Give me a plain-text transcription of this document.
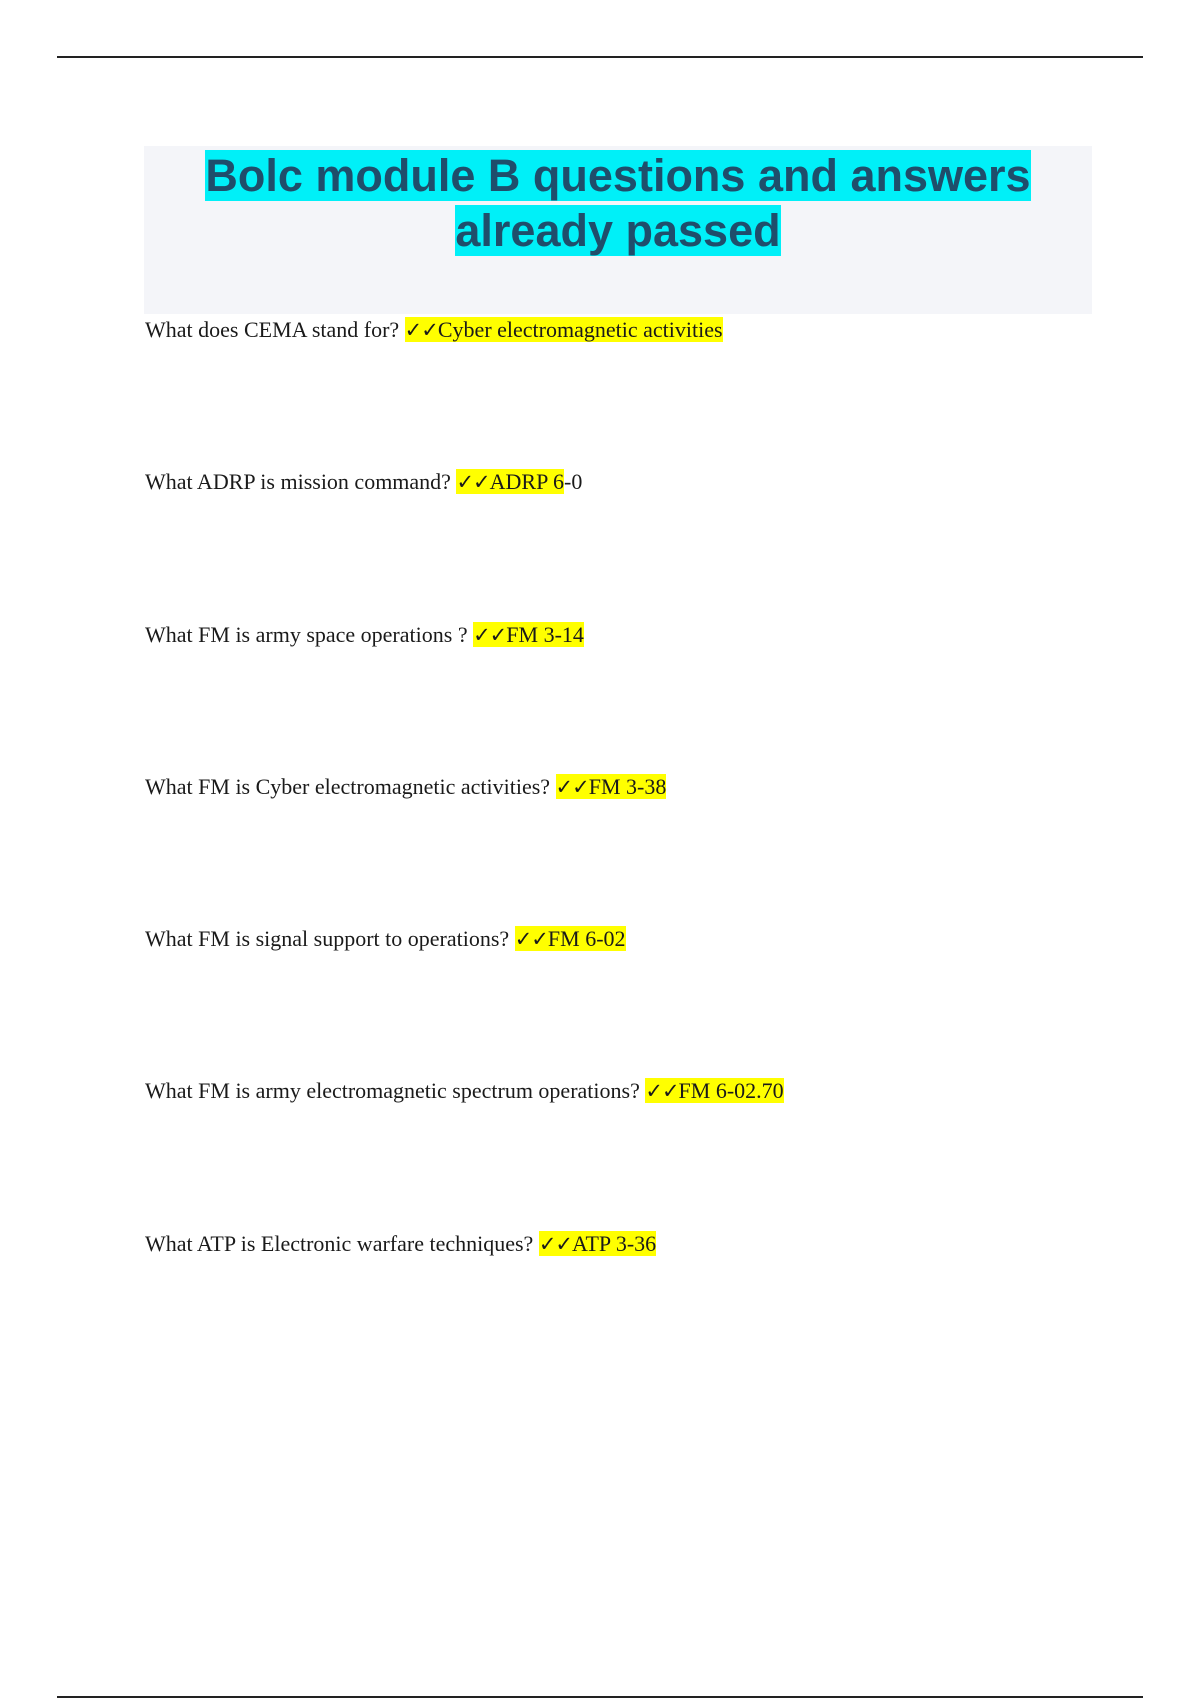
Bolc module B questions and answers
already passed
What does CEMA stand for? ✓✓Cyber electromagnetic activities
What ADRP is mission command? ✓✓ADRP 6-0
What FM is army space operations ? ✓✓FM 3-14
What FM is Cyber electromagnetic activities? ✓✓FM 3-38
What FM is signal support to operations? ✓✓FM 6-02
What FM is army electromagnetic spectrum operations? ✓✓FM 6-02.70
What ATP is Electronic warfare techniques? ✓✓ATP 3-36
